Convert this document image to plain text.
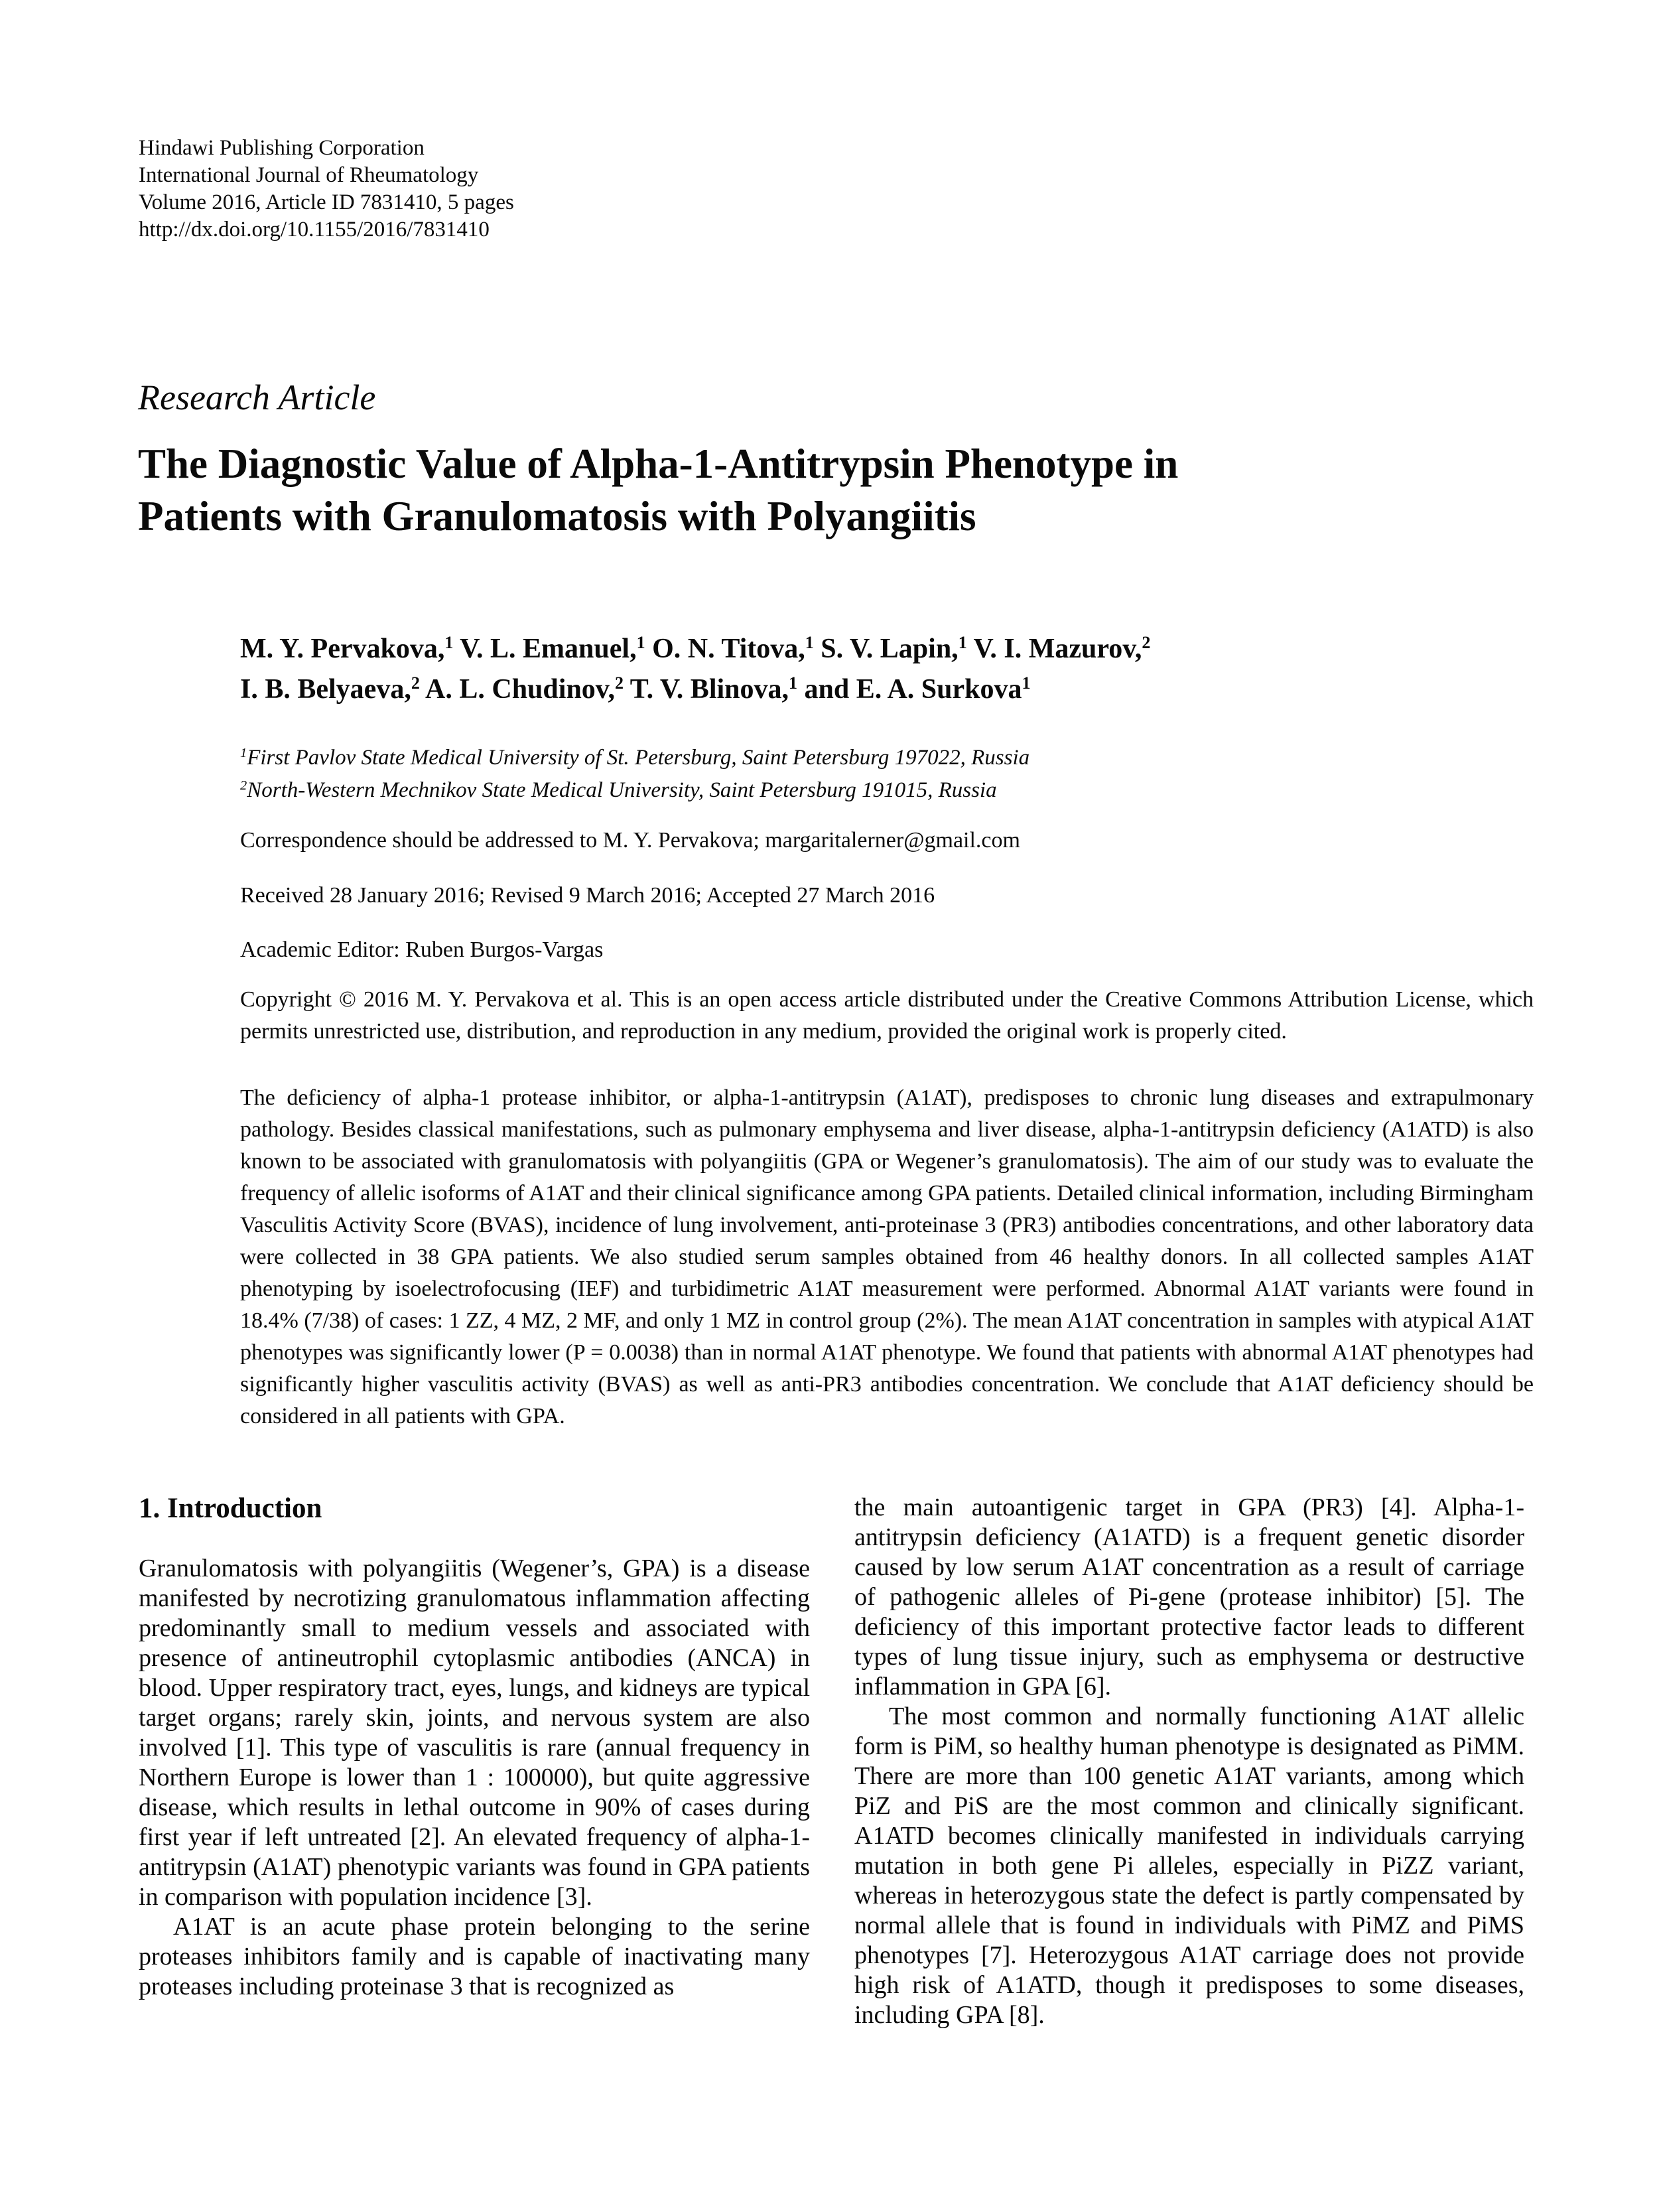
Hindawi Publishing Corporation
International Journal of Rheumatology
Volume 2016, Article ID 7831410, 5 pages
http://dx.doi.org/10.1155/2016/7831410
Research Article
The Diagnostic Value of Alpha-1-Antitrypsin Phenotype in
Patients with Granulomatosis with Polyangiitis
M. Y. Pervakova,$^1$ V. L. Emanuel,$^1$ O. N. Titova,$^1$ S. V. Lapin,$^1$ V. I. Mazurov,$^2$
I. B. Belyaeva,$^2$ A. L. Chudinov,$^2$ T. V. Blinova,$^1$ and E. A. Surkova$^1$
$^1$First Pavlov State Medical University of St. Petersburg, Saint Petersburg 197022, Russia
$^2$North-Western Mechnikov State Medical University, Saint Petersburg 191015, Russia
Correspondence should be addressed to M. Y. Pervakova; margaritalerner@gmail.com
Received 28 January 2016; Revised 9 March 2016; Accepted 27 March 2016
Academic Editor: Ruben Burgos-Vargas
Copyright © 2016 M. Y. Pervakova et al. This is an open access article distributed under the Creative Commons Attribution License, which permits unrestricted use, distribution, and reproduction in any medium, provided the original work is properly cited.
The deficiency of alpha-1 protease inhibitor, or alpha-1-antitrypsin (A1AT), predisposes to chronic lung diseases and extrapulmonary pathology. Besides classical manifestations, such as pulmonary emphysema and liver disease, alpha-1-antitrypsin deficiency (A1ATD) is also known to be associated with granulomatosis with polyangiitis (GPA or Wegener’s granulomatosis). The aim of our study was to evaluate the frequency of allelic isoforms of A1AT and their clinical significance among GPA patients. Detailed clinical information, including Birmingham Vasculitis Activity Score (BVAS), incidence of lung involvement, anti-proteinase 3 (PR3) antibodies concentrations, and other laboratory data were collected in 38 GPA patients. We also studied serum samples obtained from 46 healthy donors. In all collected samples A1AT phenotyping by isoelectrofocusing (IEF) and turbidimetric A1AT measurement were performed. Abnormal A1AT variants were found in 18.4% (7/38) of cases: 1 ZZ, 4 MZ, 2 MF, and only 1 MZ in control group (2%). The mean A1AT concentration in samples with atypical A1AT phenotypes was significantly lower (P = 0.0038) than in normal A1AT phenotype. We found that patients with abnormal A1AT phenotypes had significantly higher vasculitis activity (BVAS) as well as anti-PR3 antibodies concentration. We conclude that A1AT deficiency should be considered in all patients with GPA.
1. Introduction

Granulomatosis with polyangiitis (Wegener’s, GPA) is a disease manifested by necrotizing granulomatous inflammation affecting predominantly small to medium vessels and associated with presence of antineutrophil cytoplasmic antibodies (ANCA) in blood. Upper respiratory tract, eyes, lungs, and kidneys are typical target organs; rarely skin, joints, and nervous system are also involved [1]. This type of vasculitis is rare (annual frequency in Northern Europe is lower than 1 : 100000), but quite aggressive disease, which results in lethal outcome in 90% of cases during first year if left untreated [2]. An elevated frequency of alpha-1-antitrypsin (A1AT) phenotypic variants was found in GPA patients in comparison with population incidence [3].

A1AT is an acute phase protein belonging to the serine proteases inhibitors family and is capable of inactivating many proteases including proteinase 3 that is recognized as

the main autoantigenic target in GPA (PR3) [4]. Alpha-1-antitrypsin deficiency (A1ATD) is a frequent genetic disorder caused by low serum A1AT concentration as a result of carriage of pathogenic alleles of Pi-gene (protease inhibitor) [5]. The deficiency of this important protective factor leads to different types of lung tissue injury, such as emphysema or destructive inflammation in GPA [6].

The most common and normally functioning A1AT allelic form is PiM, so healthy human phenotype is designated as PiMM. There are more than 100 genetic A1AT variants, among which PiZ and PiS are the most common and clinically significant. A1ATD becomes clinically manifested in individuals carrying mutation in both gene Pi alleles, especially in PiZZ variant, whereas in heterozygous state the defect is partly compensated by normal allele that is found in individuals with PiMZ and PiMS phenotypes [7]. Heterozygous A1AT carriage does not provide high risk of A1ATD, though it predisposes to some diseases, including GPA [8].
